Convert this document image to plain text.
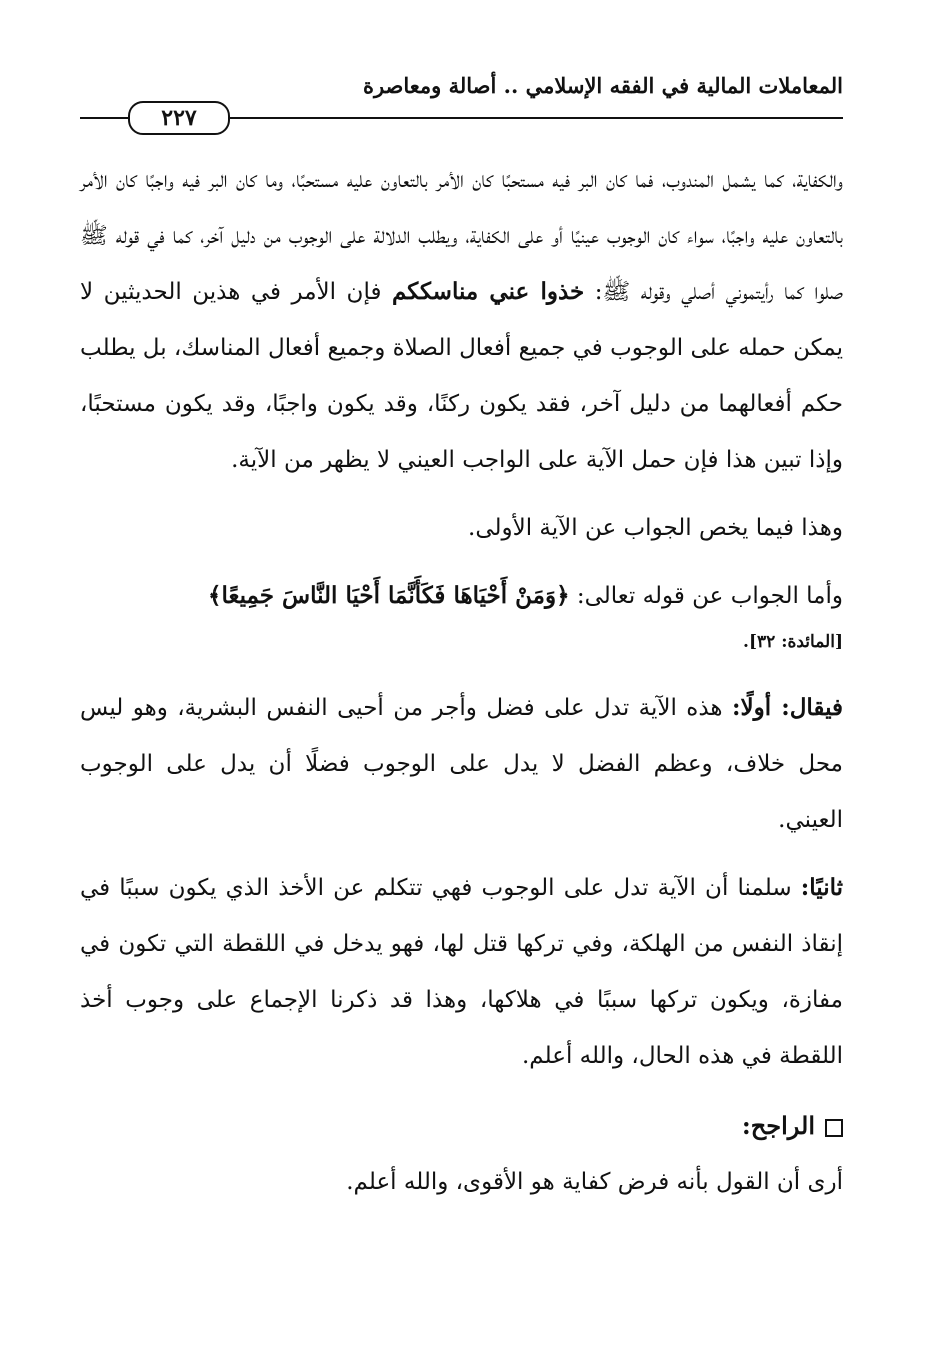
المعاملات المالية في الفقه الإسلامي .. أصالة ومعاصرة
٢٢٧

والكفاية، كما يشمل المندوب، فما كان البر فيه مستحبًا كان الأمر بالتعاون عليه مستحبًا، وما كان البر فيه واجبًا كان الأمر بالتعاون عليه واجبًا، سواء كان الوجوب عينيًا أو على الكفاية، ويطلب الدلالة على الوجوب من دليل آخر، كما في قوله ﷺ صلوا كما رأيتموني أصلي وقوله ﷺ: خذوا عني مناسككم فإن الأمر في هذين الحديثين لا يمكن حمله على الوجوب في جميع أفعال الصلاة وجميع أفعال المناسك، بل يطلب حكم أفعالهما من دليل آخر، فقد يكون ركنًا، وقد يكون واجبًا، وقد يكون مستحبًا، وإذا تبين هذا فإن حمل الآية على الواجب العيني لا يظهر من الآية.

وهذا فيما يخص الجواب عن الآية الأولى.

وأما الجواب عن قوله تعالى: ﴿وَمَنْ أَحْيَاهَا فَكَأَنَّمَا أَحْيَا النَّاسَ جَمِيعًا﴾
[المائدة: ٣٢].

فيقال: أولًا: هذه الآية تدل على فضل وأجر من أحيى النفس البشرية، وهو ليس محل خلاف، وعظم الفضل لا يدل على الوجوب فضلًا أن يدل على الوجوب العيني.

ثانيًا: سلمنا أن الآية تدل على الوجوب فهي تتكلم عن الأخذ الذي يكون سببًا في إنقاذ النفس من الهلكة، وفي تركها قتل لها، فهو يدخل في اللقطة التي تكون في مفازة، ويكون تركها سببًا في هلاكها، وهذا قد ذكرنا الإجماع على وجوب أخذ اللقطة في هذه الحال، والله أعلم.

الراجح:

أرى أن القول بأنه فرض كفاية هو الأقوى، والله أعلم.
